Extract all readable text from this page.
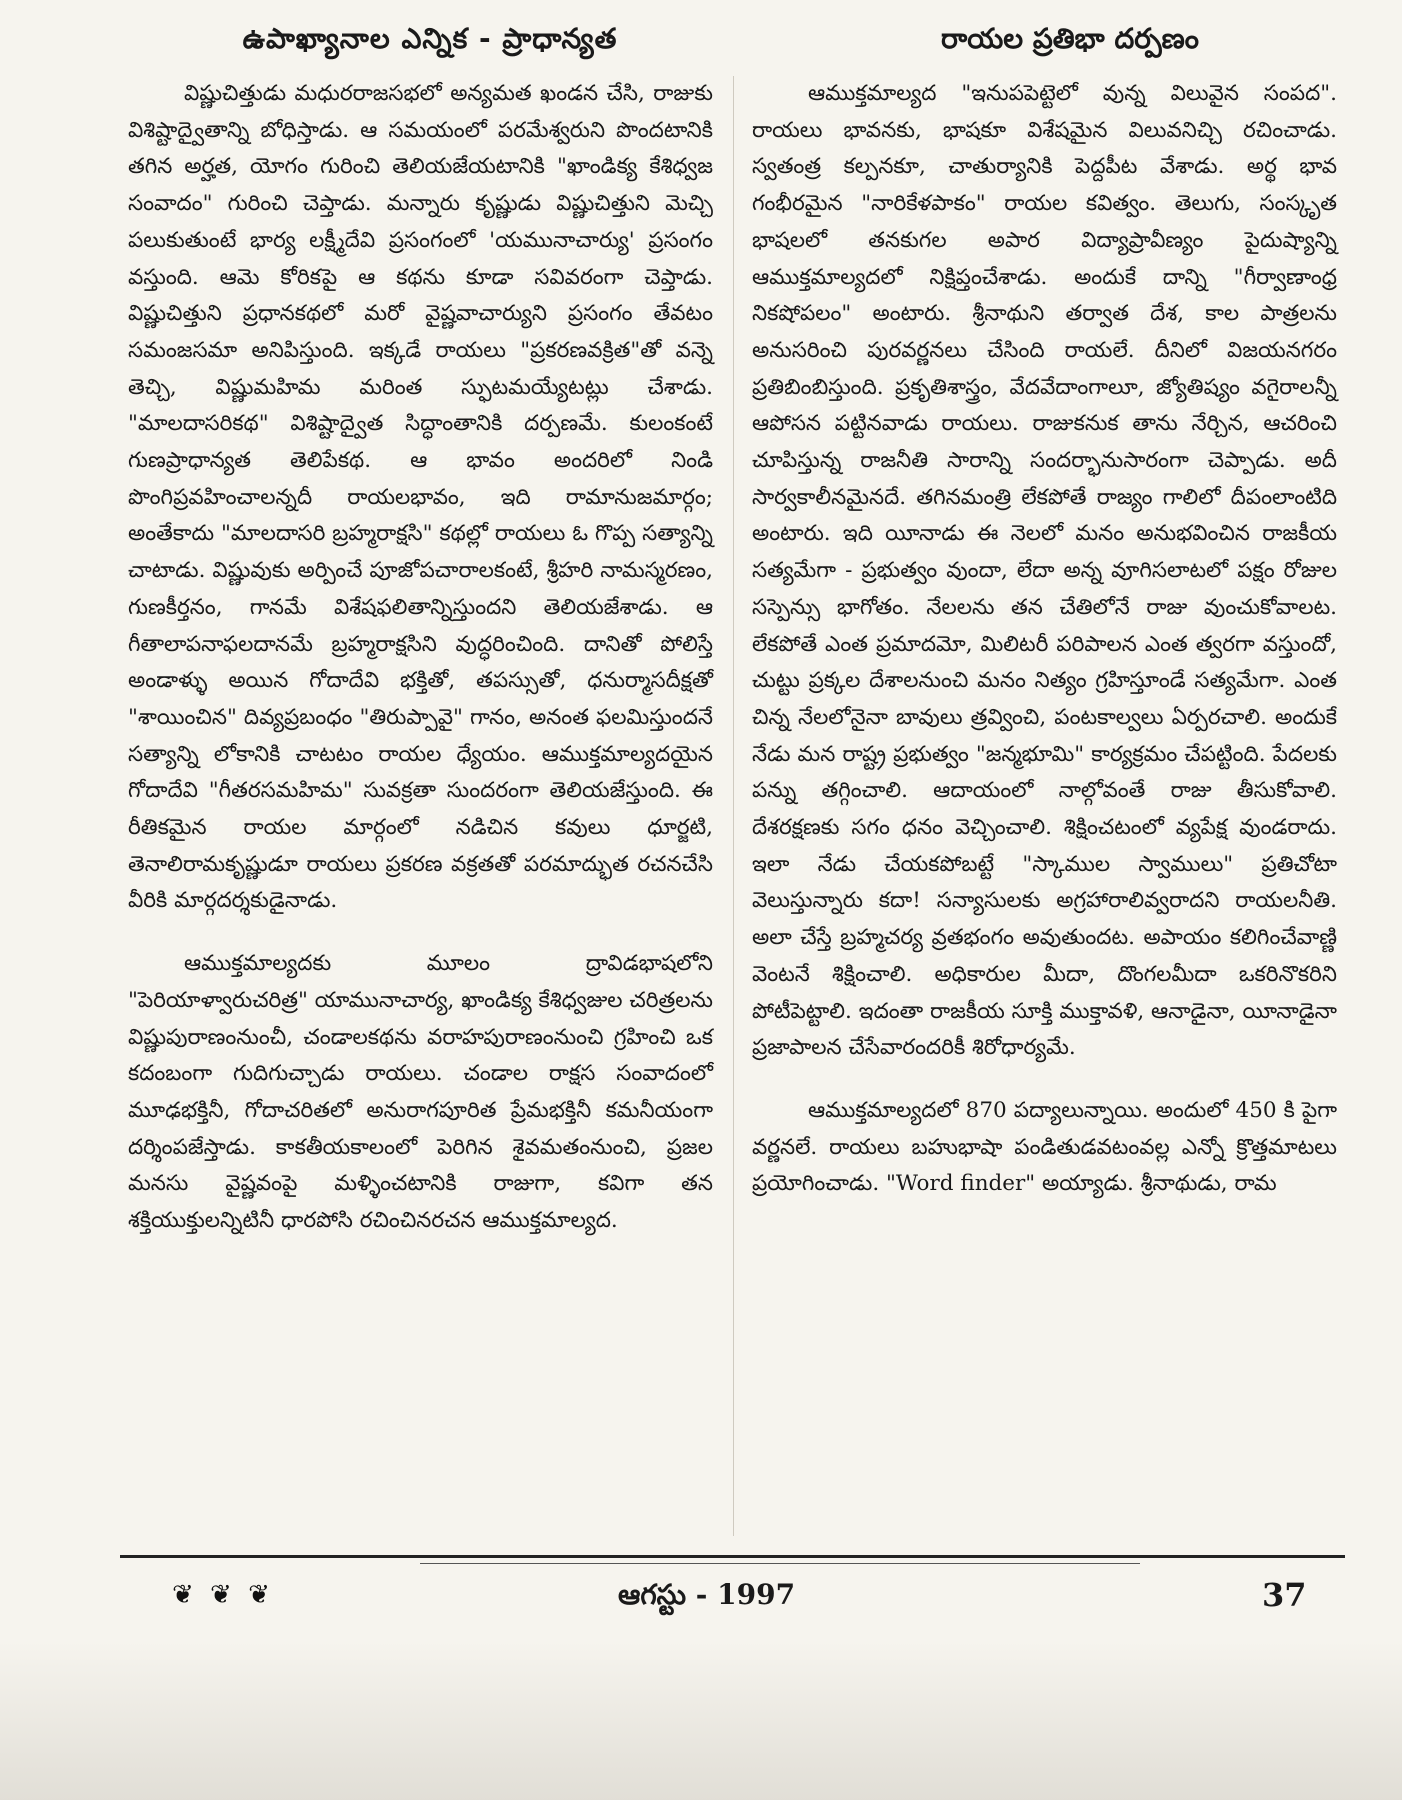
ఉపాఖ్యానాల ఎన్నిక - ప్రాధాన్యత	రాయల ప్రతిభా దర్పణం

విష్ణుచిత్తుడు మధురరాజసభలో అన్యమత ఖండన చేసి, రాజుకు విశిష్టాద్వైతాన్ని బోధిస్తాడు. ఆ సమయంలో పరమేశ్వరుని పొందటానికి తగిన అర్హత, యోగం గురించి తెలియజేయటానికి "ఖాండిక్య కేశిధ్వజ సంవాదం" గురించి చెప్తాడు. మన్నారు కృష్ణుడు విష్ణుచిత్తుని మెచ్చి పలుకుతుంటే భార్య లక్ష్మీదేవి ప్రసంగంలో 'యమునాచార్యు' ప్రసంగం వస్తుంది. ఆమె కోరికపై ఆ కథను కూడా సవివరంగా చెప్తాడు. విష్ణుచిత్తుని ప్రధానకథలో మరో వైష్ణవాచార్యుని ప్రసంగం తేవటం సమంజసమా అనిపిస్తుంది. ఇక్కడే రాయలు "ప్రకరణవక్రిత"తో వన్నె తెచ్చి, విష్ణుమహిమ మరింత స్ఫుటమయ్యేటట్లు చేశాడు. "మాలదాసరికథ" విశిష్టాద్వైత సిద్ధాంతానికి దర్పణమే. కులంకంటే గుణప్రాధాన్యత తెలిపేకథ. ఆ భావం అందరిలో నిండి పొంగిప్రవహించాలన్నదీ రాయలభావం, ఇది రామానుజమార్గం; అంతేకాదు "మాలదాసరి బ్రహ్మరాక్షసి" కథల్లో రాయలు ఓ గొప్ప సత్యాన్ని చాటాడు. విష్ణువుకు అర్పించే పూజోపచారాలకంటే, శ్రీహరి నామస్మరణం, గుణకీర్తనం, గానమే విశేషఫలితాన్నిస్తుందని తెలియజేశాడు. ఆ గీతాలాపనాఫలదానమే బ్రహ్మరాక్షసిని వుద్ధరించింది. దానితో పోలిస్తే అండాళ్ళు అయిన గోదాదేవి భక్తితో, తపస్సుతో, ధనుర్మాసదీక్షతో "శాయించిన" దివ్యప్రబంధం "తిరుప్పావై" గానం, అనంత ఫలమిస్తుందనే సత్యాన్ని లోకానికి చాటటం రాయల ధ్యేయం. ఆముక్తమాల్యదయైన గోదాదేవి "గీతరసమహిమ" సువక్రతా సుందరంగా తెలియజేస్తుంది. ఈ రీతికమైన రాయల మార్గంలో నడిచిన కవులు ధూర్జటి, తెనాలిరామకృష్ణుడూ రాయలు ప్రకరణ వక్రతతో పరమాద్భుత రచనచేసి వీరికి మార్గదర్శకుడైనాడు.

ఆముక్తమాల్యదకు మూలం ద్రావిడభాషలోని "పెరియాళ్వారుచరిత్ర" యామునాచార్య, ఖాండిక్య కేశిధ్వజుల చరిత్రలను విష్ణుపురాణంనుంచీ, చండాలకథను వరాహపురాణంనుంచి గ్రహించి ఒక కదంబంగా గుదిగుచ్చాడు రాయలు. చండాల రాక్షస సంవాదంలో మూఢభక్తినీ, గోదాచరితలో అనురాగపూరిత ప్రేమభక్తినీ కమనీయంగా దర్శింపజేస్తాడు. కాకతీయకాలంలో పెరిగిన శైవమతంనుంచి, ప్రజల మనసు వైష్ణవంపై మళ్ళించటానికి రాజుగా, కవిగా తన శక్తియుక్తులన్నిటినీ ధారపోసి రచించినరచన ఆముక్తమాల్యద.

ఆముక్తమాల్యద "ఇనుపపెట్టెలో వున్న విలువైన సంపద". రాయలు భావనకు, భాషకూ విశేషమైన విలువనిచ్చి రచించాడు. స్వతంత్ర కల్పనకూ, చాతుర్యానికి పెద్దపీట వేశాడు. అర్థ భావ గంభీరమైన "నారికేళపాకం" రాయల కవిత్వం. తెలుగు, సంస్కృత భాషలలో తనకుగల అపార విద్యాప్రావీణ్యం పైదుష్యాన్ని ఆముక్తమాల్యదలో నిక్షిప్తంచేశాడు. అందుకే దాన్ని "గీర్వాణాంధ్ర నికషోపలం" అంటారు. శ్రీనాథుని తర్వాత దేశ, కాల పాత్రలను అనుసరించి పురవర్ణనలు చేసింది రాయలే. దీనిలో విజయనగరం ప్రతిబింబిస్తుంది. ప్రకృతిశాస్త్రం, వేదవేదాంగాలూ, జ్యోతిష్యం వగైరాలన్నీ ఆపోసన పట్టినవాడు రాయలు. రాజుకనుక తాను నేర్చిన, ఆచరించి చూపిస్తున్న రాజనీతి సారాన్ని సందర్భానుసారంగా చెప్పాడు. అదీ సార్వకాలీనమైనదే. తగినమంత్రి లేకపోతే రాజ్యం గాలిలో దీపంలాంటిది అంటారు. ఇది యీనాడు ఈ నెలలో మనం అనుభవించిన రాజకీయ సత్యమేగా - ప్రభుత్వం వుందా, లేదా అన్న వూగిసలాటలో పక్షం రోజుల సస్పెన్సు భాగోతం. నేలలను తన చేతిలోనే రాజు వుంచుకోవాలట. లేకపోతే ఎంత ప్రమాదమో, మిలిటరీ పరిపాలన ఎంత త్వరగా వస్తుందో, చుట్టు ప్రక్కల దేశాలనుంచి మనం నిత్యం గ్రహిస్తూండే సత్యమేగా. ఎంత చిన్న నేలలోనైనా బావులు త్రవ్వించి, పంటకాల్వలు ఏర్పరచాలి. అందుకే నేడు మన రాష్ట్ర ప్రభుత్వం "జన్మభూమి" కార్యక్రమం చేపట్టింది. పేదలకు పన్ను తగ్గించాలి. ఆదాయంలో నాల్గోవంతే రాజు తీసుకోవాలి. దేశరక్షణకు సగం ధనం వెచ్చించాలి. శిక్షించటంలో వ్యపేక్ష వుండరాదు. ఇలా నేడు చేయకపోబట్టే "స్కాముల స్వాములు" ప్రతిచోటా వెలుస్తున్నారు కదా! సన్యాసులకు అగ్రహారాలివ్వరాదని రాయలనీతి. అలా చేస్తే బ్రహ్మచర్య వ్రతభంగం అవుతుందట. అపాయం కలిగించేవాణ్ణి వెంటనే శిక్షించాలి. అధికారుల మీదా, దొంగలమీదా ఒకరినొకరిని పోటీపెట్టాలి. ఇదంతా రాజకీయ సూక్తి ముక్తావళి, ఆనాడైనా, యీనాడైనా ప్రజాపాలన చేసేవారందరికీ శిరోధార్యమే.

ఆముక్తమాల్యదలో 870 పద్యాలున్నాయి. అందులో 450 కి పైగా వర్ణనలే. రాయలు బహుభాషా పండితుడవటంవల్ల ఎన్నో క్రొత్తమాటలు ప్రయోగించాడు. "Word finder" అయ్యాడు. శ్రీనాథుడు, రామ

❦ ❦ ❦	ఆగస్టు - 1997	37
